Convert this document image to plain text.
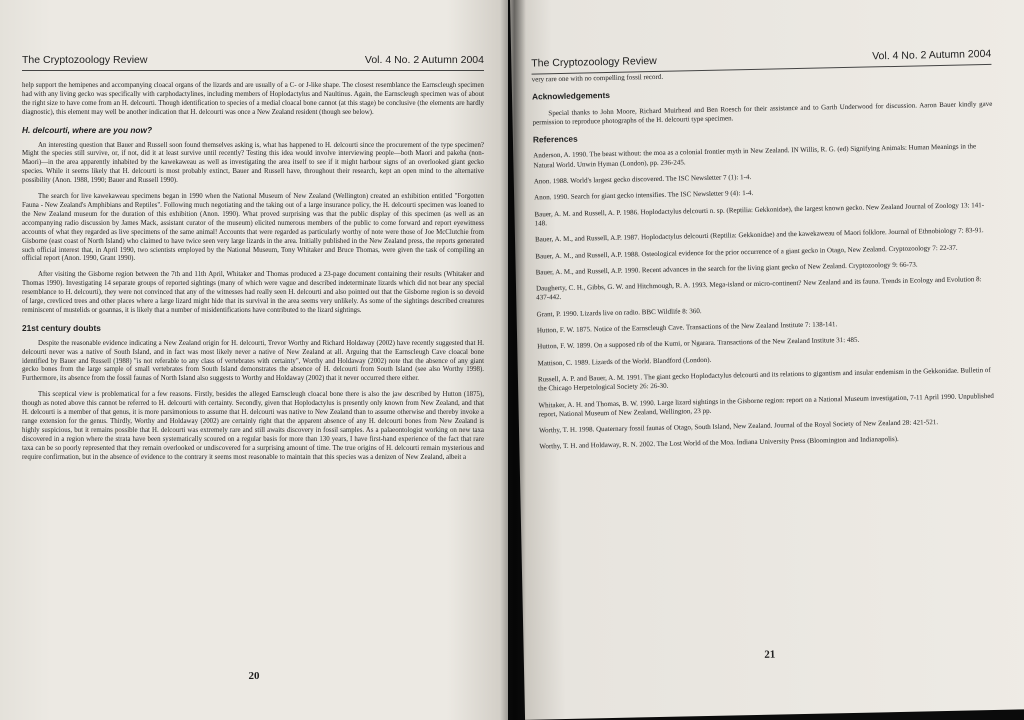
The Cryptozoology Review	Vol. 4 No. 2 Autumn 2004

help support the hemipenes and accompanying cloacal organs of the lizards and are usually of a C- or J-like shape. The closest resemblance the Earnscleugh specimen had with any living gecko was specifically with carphodactylines, including members of Hoplodactylus and Naultinus. Again, the Earnscleugh specimen was of about the right size to have come from an H. delcourti. Though identification to species of a medial cloacal bone cannot (at this stage) be conclusive (the elements are hardly diagnostic), this element may well be another indication that H. delcourti was once a New Zealand resident (though see below).

H. delcourti, where are you now?

An interesting question that Bauer and Russell soon found themselves asking is, what has happened to H. delcourti since the procurement of the type specimen? Might the species still survive, or, if not, did it at least survive until recently? Testing this idea would involve interviewing people—both Maori and pakeha (non-Maori)—in the area apparently inhabited by the kawekaweau as well as investigating the area itself to see if it might harbour signs of an overlooked giant gecko species. While it seems likely that H. delcourti is most probably extinct, Bauer and Russell have, throughout their research, kept an open mind to the alternative possibility (Anon. 1988, 1990; Bauer and Russell 1990).

The search for live kawekaweau specimens began in 1990 when the National Museum of New Zealand (Wellington) created an exhibition entitled "Forgotten Fauna - New Zealand's Amphibians and Reptiles". Following much negotiating and the taking out of a large insurance policy, the H. delcourti specimen was loaned to the New Zealand museum for the duration of this exhibition (Anon. 1990). What proved surprising was that the public display of this specimen (as well as an accompanying radio discussion by James Mack, assistant curator of the museum) elicited numerous members of the public to come forward and report eyewitness accounts of what they regarded as live specimens of the same animal! Accounts that were regarded as particularly worthy of note were those of Joe McClutchie from Gisborne (east coast of North Island) who claimed to have twice seen very large lizards in the area. Initially published in the New Zealand press, the reports generated such official interest that, in April 1990, two scientists employed by the National Museum, Tony Whitaker and Bruce Thomas, were given the task of compiling an official report (Anon. 1990, Grant 1990).

After visiting the Gisborne region between the 7th and 11th April, Whitaker and Thomas produced a 23-page document containing their results (Whitaker and Thomas 1990). Investigating 14 separate groups of reported sightings (many of which were vague and described indeterminate lizards which did not bear any special resemblance to H. delcourti), they were not convinced that any of the witnesses had really seen H. delcourti and also pointed out that the Gisborne region is so devoid of large, crevliced trees and other places where a large lizard might hide that its survival in the area seems very unlikely. As some of the sightings described creatures reminiscent of mustelids or goannas, it is likely that a number of misidentifications have contributed to the lizard sightings.

21st century doubts

Despite the reasonable evidence indicating a New Zealand origin for H. delcourti, Trevor Worthy and Richard Holdaway (2002) have recently suggested that H. delcourti never was a native of South Island, and in fact was most likely never a native of New Zealand at all. Arguing that the Earnscleugh Cave cloacal bone identified by Bauer and Russell (1988) "is not referable to any class of vertebrates with certainty", Worthy and Holdaway (2002) note that the absence of any giant gecko bones from the large sample of small vertebrates from South Island demonstrates the absence of H. delcourti from South Island (see also Worthy 1998). Furthermore, its absence from the fossil faunas of North Island also suggests to Worthy and Holdaway (2002) that it never occurred there either.

This sceptical view is problematical for a few reasons. Firstly, besides the alleged Earnscleugh cloacal bone there is also the jaw described by Hutton (1875), though as noted above this cannot be referred to H. delcourti with certainty. Secondly, given that Hoplodactylus is presently only known from New Zealand, and that H. delcourti is a member of that genus, it is more parsimonious to assume that H. delcourti was native to New Zealand than to assume otherwise and thereby invoke a range extension for the genus. Thirdly, Worthy and Holdaway (2002) are certainly right that the apparent absence of any H. delcourti bones from New Zealand is highly suspicious, but it remains possible that H. delcourti was extremely rare and still awaits discovery in fossil samples. As a palaeontologist working on new taxa discovered in a region where the strata have been systematically scoured on a regular basis for more than 130 years, I have first-hand experience of the fact that rare taxa can be so poorly represented that they remain overlooked or undiscovered for a surprising amount of time. The true origins of H. delcourti remain mysterious and require confirmation, but in the absence of evidence to the contrary it seems most reasonable to maintain that this species was a denizen of New Zealand, albeit a

20
The Cryptozoology Review	Vol. 4 No. 2 Autumn 2004

very rare one with no compelling fossil record.

Acknowledgements

Special thanks to John Moore, Richard Muirhead and Ben Roesch for their assistance and to Garth Underwood for discussion. Aaron Bauer kindly gave permission to reproduce photographs of the H. delcourti type specimen.

References

Anderson, A. 1990. The beast without: the moa as a colonial frontier myth in New Zealand. IN Willis, R. G. (ed) Signifying Animals: Human Meanings in the Natural World. Unwin Hyman (London), pp. 236-245.

Anon. 1988. World's largest gecko discovered. The ISC Newsletter 7 (1): 1-4.

Anon. 1990. Search for giant gecko intensifies. The ISC Newsletter 9 (4): 1-4.

Bauer, A. M. and Russell, A. P. 1986. Hoplodactylus delcourti n. sp. (Reptilia: Gekkonidae), the largest known gecko. New Zealand Journal of Zoology 13: 141-148.

Bauer, A. M., and Russell, A.P. 1987. Hoplodactylus delcourti (Reptilia: Gekkonidae) and the kawekaweau of Maori folklore. Journal of Ethnobiology 7: 83-91.

Bauer, A. M., and Russell, A.P. 1988. Osteological evidence for the prior occurrence of a giant gecko in Otago, New Zealand. Cryptozoology 7: 22-37.

Bauer, A. M., and Russell, A.P. 1990. Recent advances in the search for the living giant gecko of New Zealand. Cryptozoology 9: 66-73.

Daugherty, C. H., Gibbs, G. W. and Hitchmough, R. A. 1993. Mega-island or micro-continent? New Zealand and its fauna. Trends in Ecology and Evolution 8: 437-442.

Grant, P. 1990. Lizards live on radio. BBC Wildlife 8: 360.

Hutton, F. W. 1875. Notice of the Earnscleugh Cave. Transactions of the New Zealand Institute 7: 138-141.

Hutton, F. W. 1899. On a supposed rib of the Kumi, or Ngarara. Transactions of the New Zealand Institute 31: 485.

Mattison, C. 1989. Lizards of the World. Blandford (London).

Russell, A. P. and Bauer, A. M. 1991. The giant gecko Hoplodactylus delcourti and its relations to gigantism and insular endemism in the Gekkonidae. Bulletin of the Chicago Herpetological Society 26: 26-30.

Whitaker, A. H. and Thomas, B. W. 1990. Large lizard sightings in the Gisborne region: report on a National Museum investigation, 7-11 April 1990. Unpublished report, National Museum of New Zealand, Wellington, 23 pp.

Worthy, T. H. 1998. Quaternary fossil faunas of Otago, South Island, New Zealand. Journal of the Royal Society of New Zealand 28: 421-521.

Worthy, T. H. and Holdaway, R. N. 2002. The Lost World of the Moa. Indiana University Press (Bloomington and Indianapolis).

21
